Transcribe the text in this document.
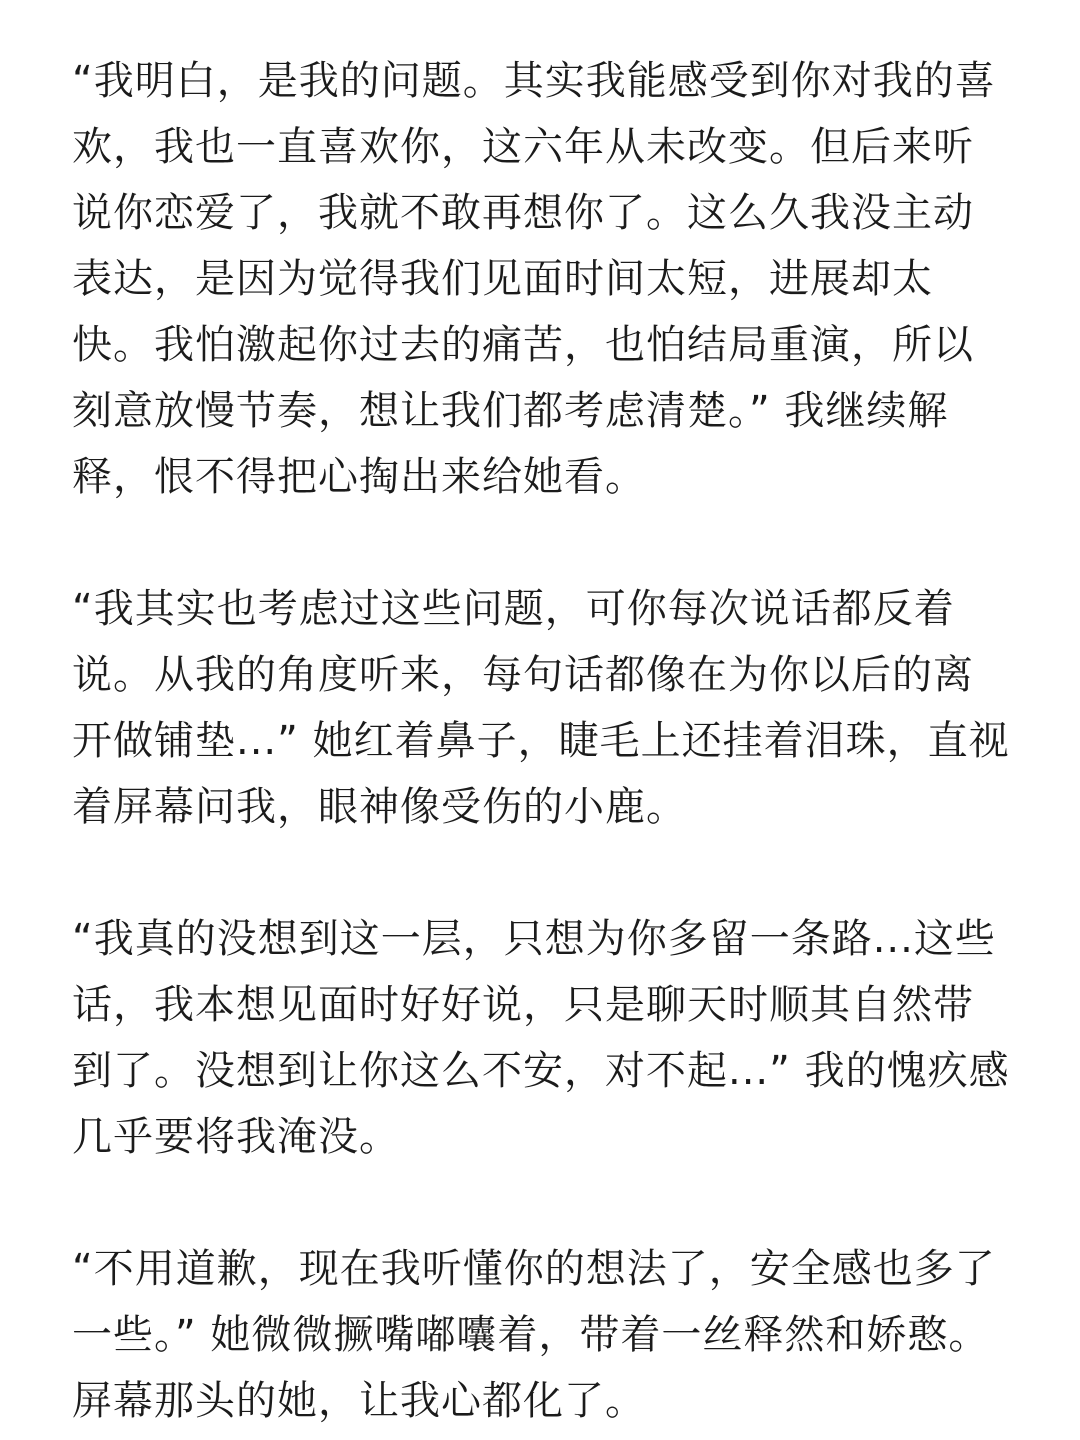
“我明白，是我的问题。其实我能感受到你对我的喜欢，我也一直喜欢你，这六年从未改变。但后来听说你恋爱了，我就不敢再想你了。这么久我没主动表达，是因为觉得我们见面时间太短，进展却太快。我怕激起你过去的痛苦，也怕结局重演，所以刻意放慢节奏，想让我们都考虑清楚。” 我继续解释，恨不得把心掏出来给她看。

“我其实也考虑过这些问题，可你每次说话都反着说。从我的角度听来，每句话都像在为你以后的离开做铺垫...” 她红着鼻子，睫毛上还挂着泪珠，直视着屏幕问我，眼神像受伤的小鹿。

“我真的没想到这一层，只想为你多留一条路...这些话，我本想见面时好好说，只是聊天时顺其自然带到了。没想到让你这么不安，对不起...” 我的愧疚感几乎要将我淹没。

“不用道歉，现在我听懂你的想法了，安全感也多了一些。” 她微微撅嘴嘟囔着，带着一丝释然和娇憨。 屏幕那头的她，让我心都化了。
